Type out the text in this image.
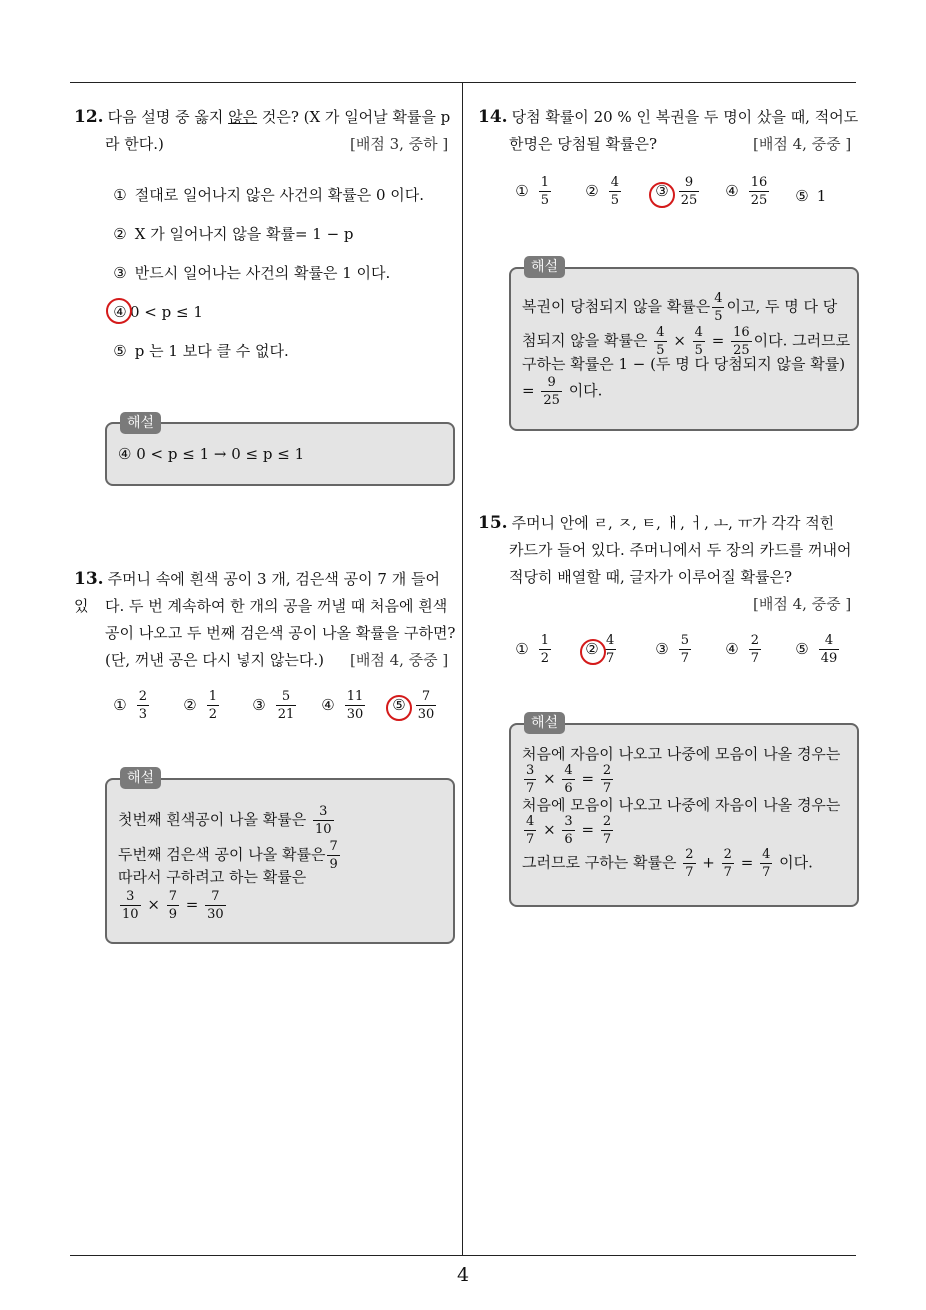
4
12. 다음 설명 중 옳지 않은 것은? (X 가 일어날 확률을 p
라 한다.)	[배점 3, 중하 ]
① 절대로 일어나지 않은 사건의 확률은 0 이다.
② X 가 일어나지 않을 확률= 1 − p
③ 반드시 일어나는 사건의 확률은 1 이다.
④ 0 < p ≤ 1
⑤ p 는 1 보다 클 수 없다.
해설
④ 0 < p ≤ 1 → 0 ≤ p ≤ 1
13. 주머니 속에 흰색 공이 3 개, 검은색 공이 7 개 들어 있	다. 두 번 계속하여 한 개의 공을 꺼낼 때 처음에 흰색
공이 나오고 두 번째 검은색 공이 나올 확률을 구하면?
(단, 꺼낸 공은 다시 넣지 않는다.) [배점 4, 중중 ]
① $\frac{2}{3}$ ② $\frac{1}{2}$ ③ $\frac{5}{21}$ ④ $\frac{11}{30}$ ⑤ $\frac{7}{30}$
해설
첫번째 흰색공이 나올 확률은 $\frac{3}{10}$
두번째 검은색 공이 나올 확률은 $\frac{7}{9}$
따라서 구하려고 하는 확률은
$\frac{3}{10} \times \frac{7}{9} = \frac{7}{30}$
14. 당첨 확률이 20 % 인 복권을 두 명이 샀을 때, 적어도
한명은 당첨될 확률은?	[배점 4, 중중 ]
① $\frac{1}{5}$ ② $\frac{4}{5}$ ③ $\frac{9}{25}$ ④ $\frac{16}{25}$ ⑤ 1
해설
복권이 당첨되지 않을 확률은 $\frac{4}{5}$ 이고, 두 명 다 당
첨되지 않을 확률은 $\frac{4}{5} \times \frac{4}{5} = \frac{16}{25}$ 이다. 그러므로
구하는 확률은 1 − (두 명 다 당첨되지 않을 확률)
= $\frac{9}{25}$ 이다.
15. 주머니 안에 ㄹ, ㅈ, ㅌ, ㅐ, ㅓ, ㅗ, ㅠ가 각각 적힌
카드가 들어 있다. 주머니에서 두 장의 카드를 꺼내어
적당히 배열할 때, 글자가 이루어질 확률은?
[배점 4, 중중 ]
① $\frac{1}{2}$ ② $\frac{4}{7}$	③ $\frac{5}{7}$ ④ $\frac{2}{7}$ ⑤ $\frac{4}{49}$
해설
처음에 자음이 나오고 나중에 모음이 나올 경우는
$\frac{3}{7} \times \frac{4}{6} = \frac{2}{7}$
처음에 모음이 나오고 나중에 자음이 나올 경우는
$\frac{4}{7} \times \frac{3}{6} = \frac{2}{7}$
그러므로 구하는 확률은 $\frac{2}{7} + \frac{2}{7} = \frac{4}{7}$ 이다.
